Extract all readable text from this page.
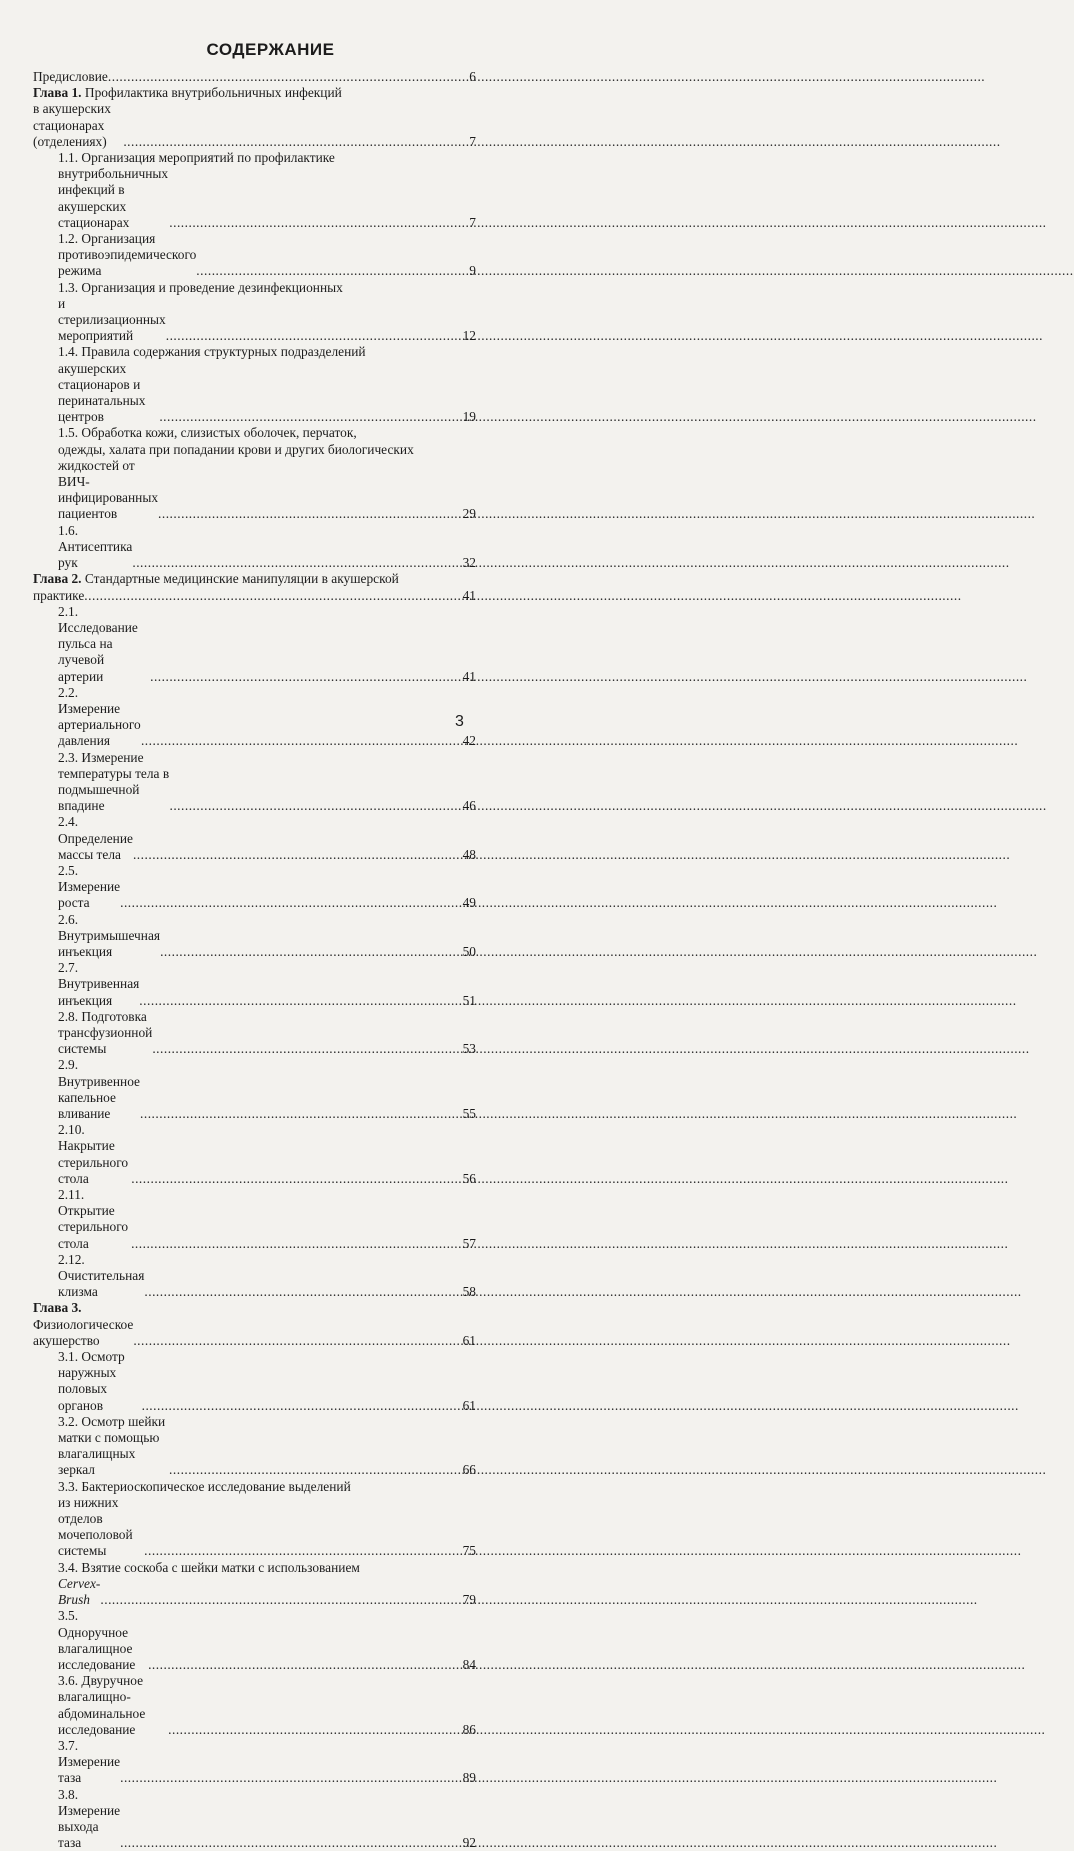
СОДЕРЖАНИЕ
Предисловие .....	6
Глава 1. Профилактика внутрибольничных инфекций
в акушерских стационарах (отделениях) .....	7
1.1. Организация мероприятий по профилактике
внутрибольничных инфекций в акушерских стационарах .....	7
1.2. Организация противоэпидемического режима .....	9
1.3. Организация и проведение дезинфекционных
и стерилизационных мероприятий .....	12
1.4. Правила содержания структурных подразделений
акушерских стационаров и перинатальных центров .....	19
1.5. Обработка кожи, слизистых оболочек, перчаток,
одежды, халата при попадании крови и других биологических
жидкостей от ВИЧ-инфицированных пациентов .....	29
1.6. Антисептика рук .....	32
Глава 2. Стандартные медицинские манипуляции в акушерской
практике .....	41
2.1. Исследование пульса на лучевой артерии .....	41
2.2. Измерение артериального давления .....	42
2.3. Измерение температуры тела в подмышечной впадине .....	46
2.4. Определение массы тела .....	48
2.5. Измерение роста .....	49
2.6. Внутримышечная инъекция .....	50
2.7. Внутривенная инъекция .....	51
2.8. Подготовка трансфузионной системы .....	53
2.9. Внутривенное капельное вливание .....	55
2.10. Накрытие стерильного стола .....	56
2.11. Открытие стерильного стола .....	57
2.12. Очистительная клизма .....	58
Глава 3. Физиологическое акушерство .....	61
3.1. Осмотр наружных половых органов .....	61
3.2. Осмотр шейки матки с помощью влагалищных зеркал .....	66
3.3. Бактериоскопическое исследование выделений
из нижних отделов мочеполовой системы .....	75
3.4. Взятие соскоба с шейки матки с использованием
Cervex-Brush .....	79
3.5. Одноручное влагалищное исследование .....	84
3.6. Двуручное влагалищно-абдоминальное исследование .....	86
3.7. Измерение таза .....	89
3.8. Измерение выхода таза .....	92
3
